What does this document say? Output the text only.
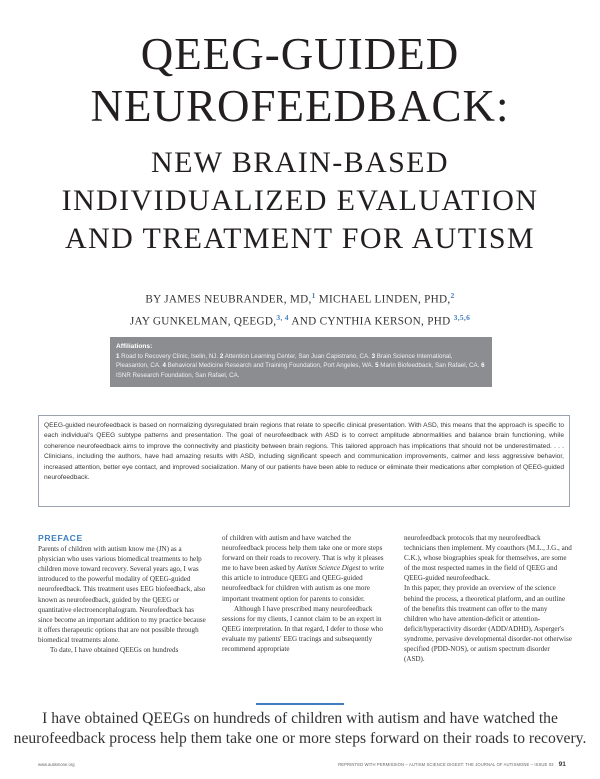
QEEG-GUIDED
NEUROFEEDBACK:
NEW BRAIN-BASED
INDIVIDUALIZED EVALUATION
AND TREATMENT FOR AUTISM
BY JAMES NEUBRANDER, MD,$^1$ MICHAEL LINDEN, PHD,$^2$
JAY GUNKELMAN, QEEGD,$^{3, 4}$ AND CYNTHIA KERSON, PHD $^{3,5,6}$
Affiliations:
1 Road to Recovery Clinic, Iselin, NJ. 2 Attention Learning Center, San Juan Capistrano, CA. 3 Brain Science International, Pleasanton, CA. 4 Behavioral Medicine Research and Training Foundation, Port Angeles, WA. 5 Marin Biofeedback, San Rafael, CA. 6 ISNR Research Foundation, San Rafael, CA.
QEEG-guided neurofeedback is based on normalizing dysregulated brain regions that relate to specific clinical presentation. With ASD, this means that the approach is specific to each individual's QEEG subtype patterns and presentation. The goal of neurofeedback with ASD is to correct amplitude abnormalities and balance brain functioning, while coherence neurofeedback aims to improve the connectivity and plasticity between brain regions. This tailored approach has implications that should not be underestimated. . . . Clinicians, including the authors, have had amazing results with ASD, including significant speech and communication improvements, calmer and less aggressive behavior, increased attention, better eye contact, and improved socialization. Many of our patients have been able to reduce or eliminate their medications after completion of QEEG-guided neurofeedback.
PREFACE

Parents of children with autism know me (JN) as a physician who uses various biomedical treatments to help children move toward recovery. Several years ago, I was introduced to the powerful modality of QEEG-guided neurofeedback. This treatment uses EEG biofeedback, also known as neurofeedback, guided by the QEEG or quantitative electroencephalogram. Neurofeedback has since become an important addition to my practice because it offers therapeutic options that are not possible through biomedical treatments alone.

To date, I have obtained QEEGs on hundreds

of children with autism and have watched the neurofeedback process help them take one or more steps forward on their roads to recovery. That is why it pleases me to have been asked by Autism Science Digest to write this article to introduce QEEG and QEEG-guided neurofeedback for children with autism as one more important treatment option for parents to consider.

Although I have prescribed many neurofeedback sessions for my clients, I cannot claim to be an expert in QEEG interpretation. In that regard, I defer to those who evaluate my patients' EEG tracings and subsequently recommend appropriate

neurofeedback protocols that my neurofeedback technicians then implement. My coauthors (M.L., J.G., and C.K.), whose biographies speak for themselves, are some of the most respected names in the field of QEEG and QEEG-guided neurofeedback.

In this paper, they provide an overview of the science behind the process, a theoretical platform, and an outline of the benefits this treatment can offer to the many children who have attention-deficit or attention-deficit/hyperactivity disorder (ADD/ADHD), Asperger's syndrome, pervasive developmental disorder-not otherwise specified (PDD-NOS), or autism spectrum disorder (ASD).

I have obtained QEEGs on hundreds of children with autism and have watched the
neurofeedback process help them take one or more steps forward on their roads to recovery.
www.autismone.org	REPRINTED WITH PERMISSION – AUTISM SCIENCE DIGEST: THE JOURNAL OF AUTISMONE – ISSUE 03 91
